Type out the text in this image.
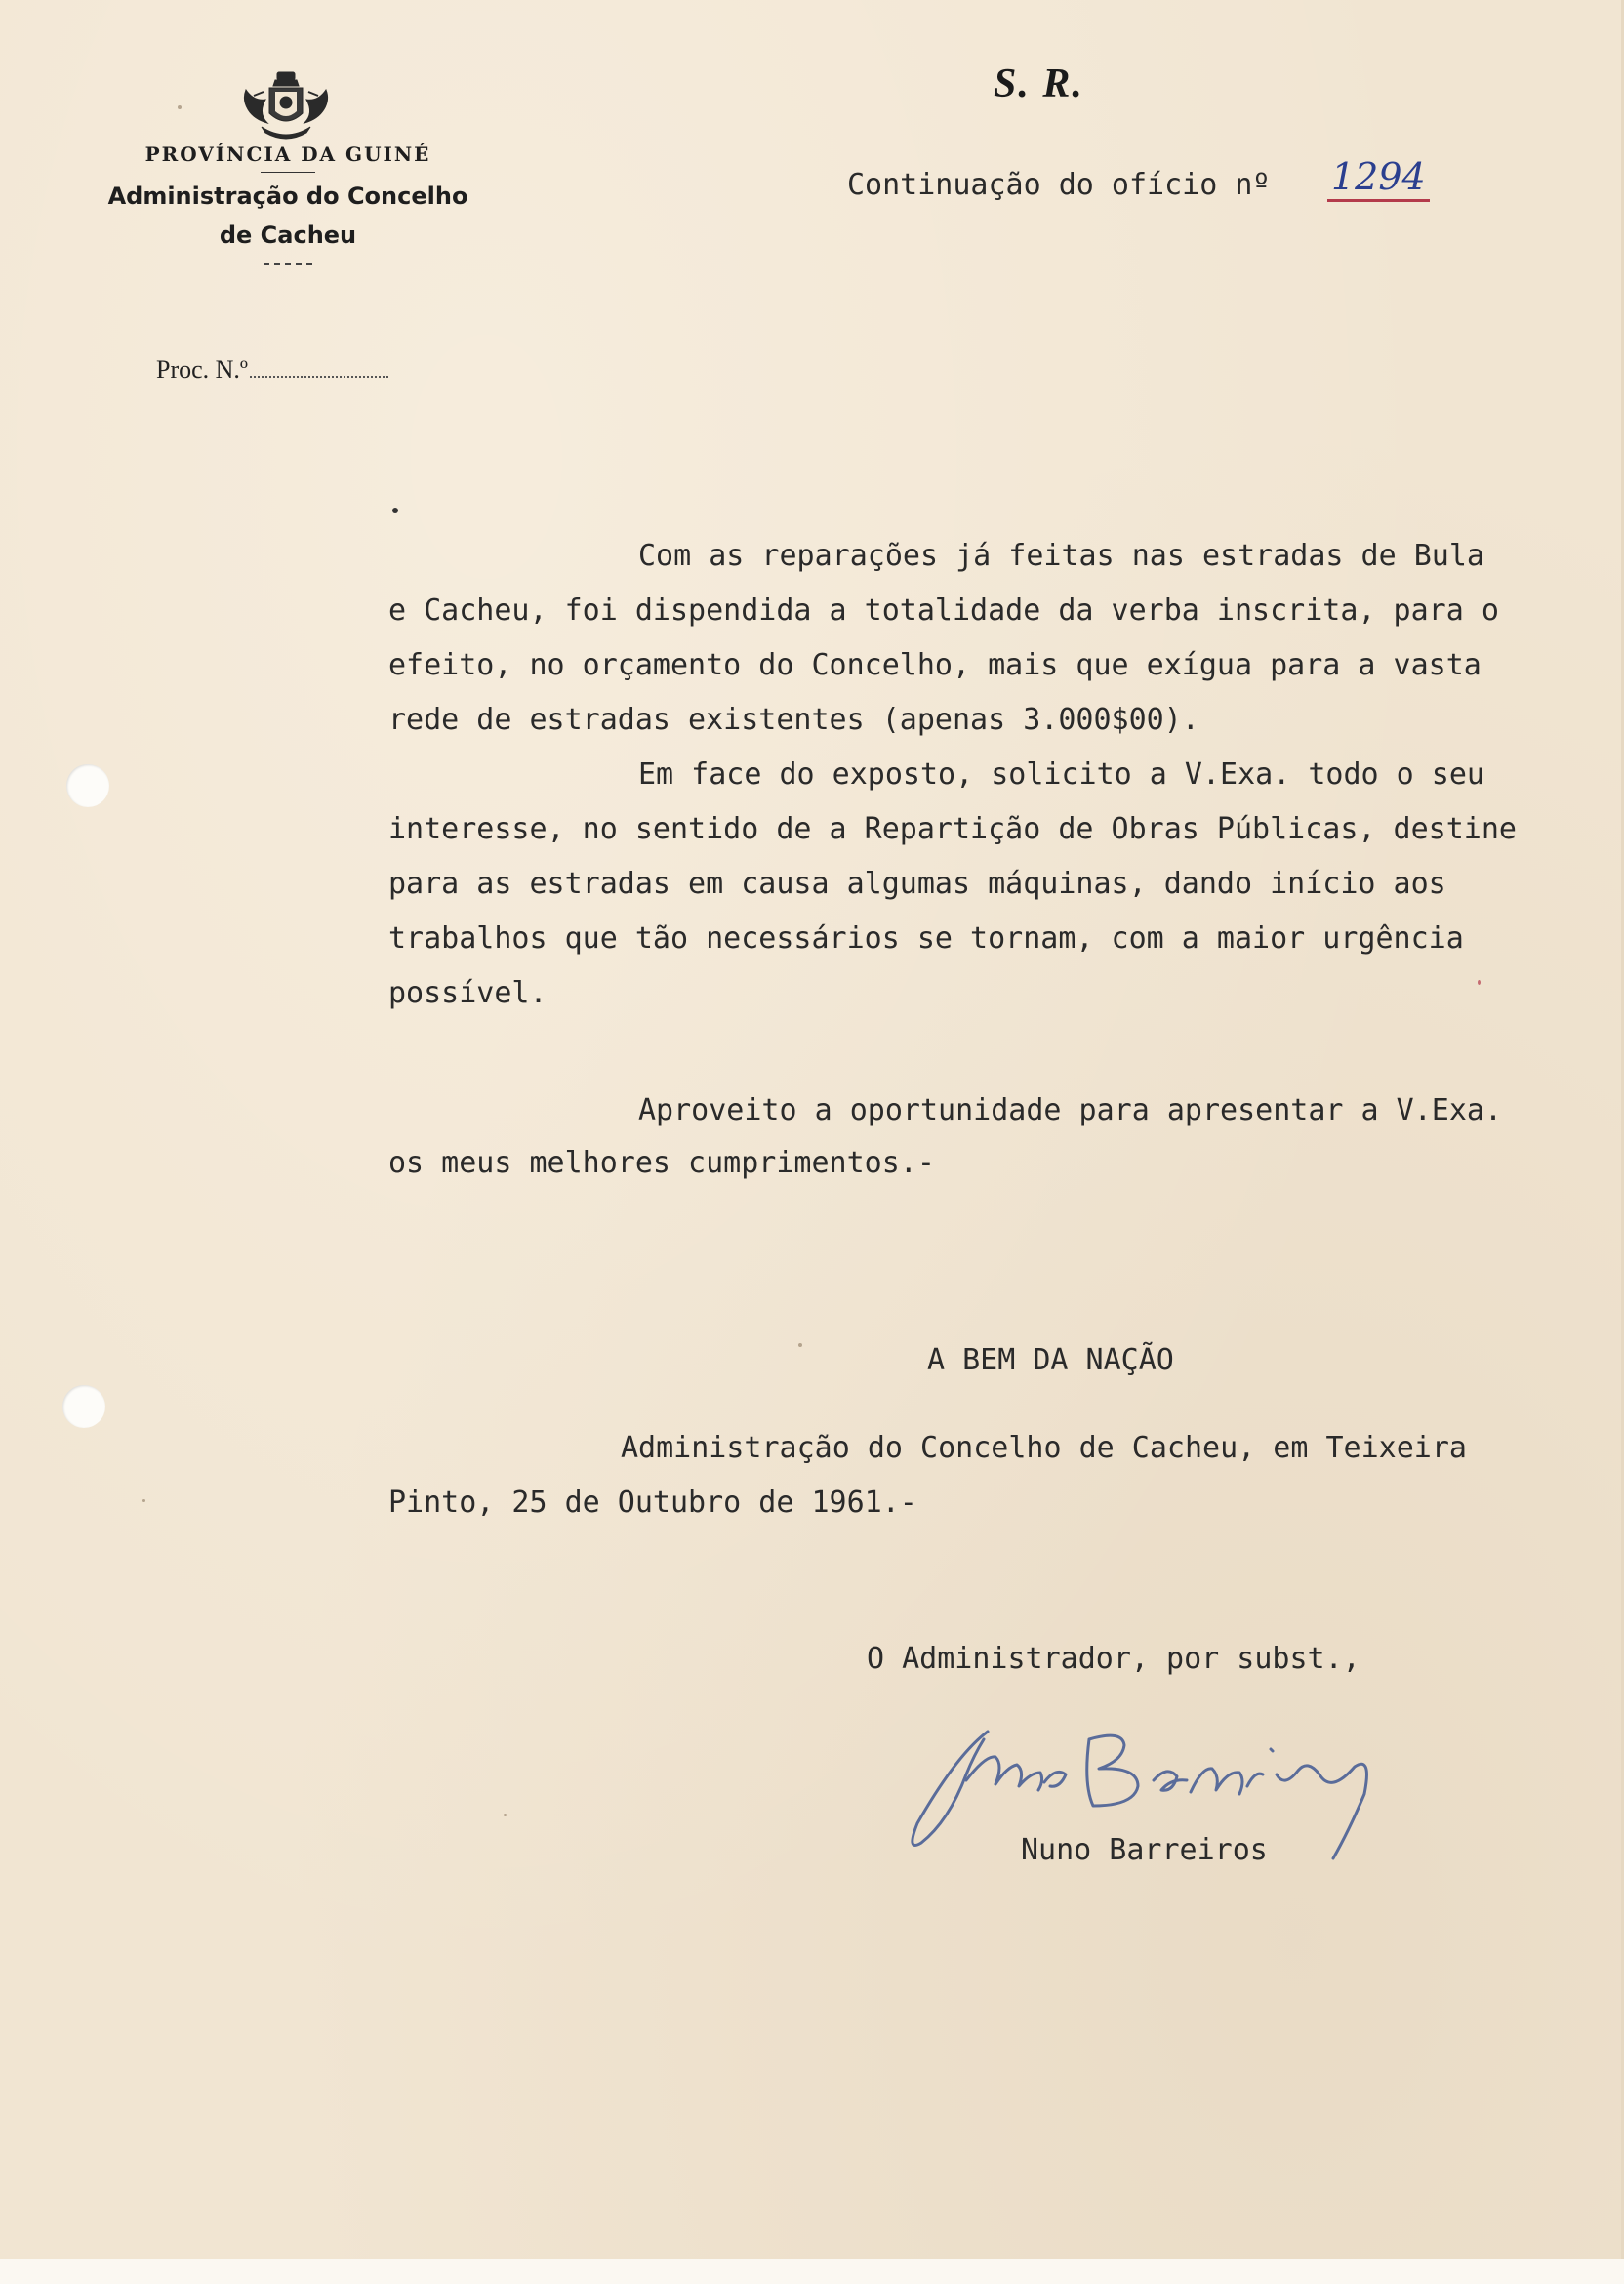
PROVÍNCIA DA GUINÉ
Administração do Concelho
de Cacheu
Proc. N.º
S. R.
Continuação do ofício nº 1294
Com as reparações já feitas nas estradas de Bula
e Cacheu, foi dispendida a totalidade da verba inscrita, para o
efeito, no orçamento do Concelho, mais que exígua para a vasta
rede de estradas existentes (apenas 3.000$00).
Em face do exposto, solicito a V.Exa. todo o seu
interesse, no sentido de a Repartição de Obras Públicas, destine
para as estradas em causa algumas máquinas, dando início aos
trabalhos que tão necessários se tornam, com a maior urgência
possível.
Aproveito a oportunidade para apresentar a V.Exa.
os meus melhores cumprimentos.-
A BEM DA NAÇÃO
Administração do Concelho de Cacheu, em Teixeira
Pinto, 25 de Outubro de 1961.-
O Administrador, por subst.,
Nuno Barreiros
